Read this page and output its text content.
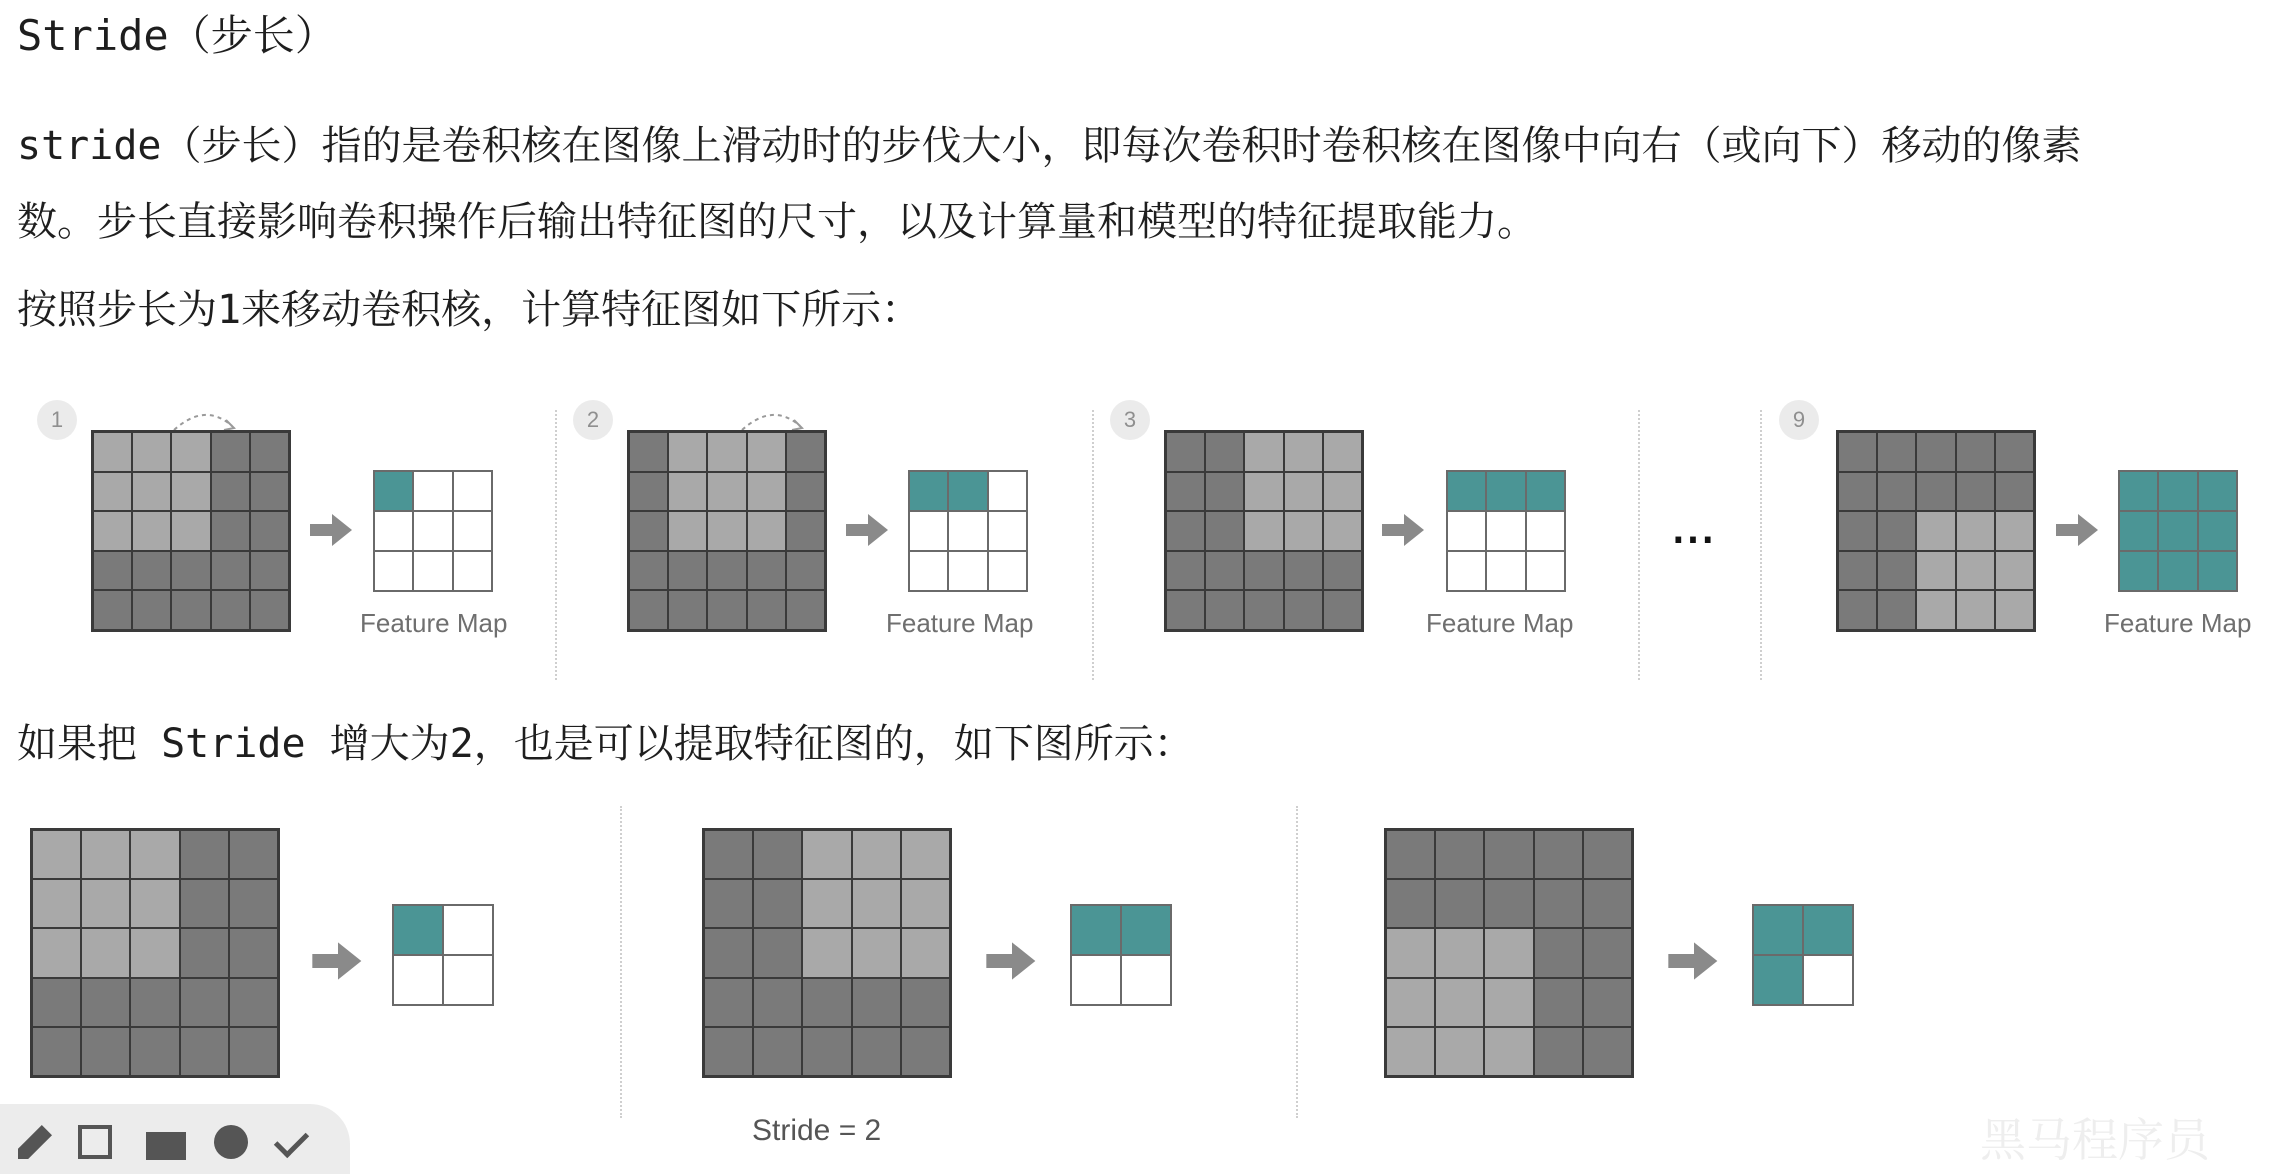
Stride（步长）

stride（步长）指的是卷积核在图像上滑动时的步伐大小，即每次卷积时卷积核在图像中向右（或向下）移动的像素
数。步长直接影响卷积操作后输出特征图的尺寸，以及计算量和模型的特征提取能力。

按照步长为1来移动卷积核，计算特征图如下所示：

1
Feature Map
2
Feature Map
3
Feature Map
...
9
Feature Map

如果把 Stride 增大为2，也是可以提取特征图的，如下图所示：

Stride = 2	黑马程序员
